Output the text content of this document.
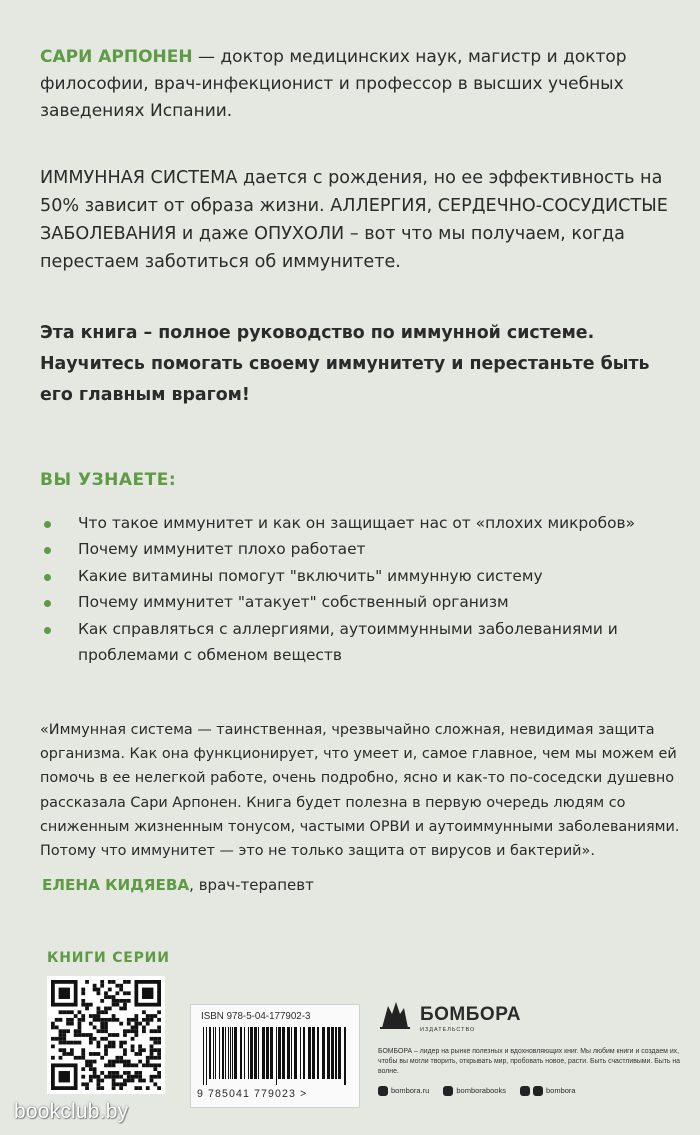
САРИ АРПОНЕН — доктор медицинских наук, магистр и доктор философии, врач-инфекционист и профессор в высших учебных заведениях Испании.

ИММУННАЯ СИСТЕМА дается с рождения, но ее эффективность на 50% зависит от образа жизни. АЛЛЕРГИЯ, СЕРДЕЧНО-СОСУДИСТЫЕ ЗАБОЛЕВАНИЯ и даже ОПУХОЛИ – вот что мы получаем, когда перестаем заботиться об иммунитете.

Эта книга – полное руководство по иммунной системе. Научитесь помогать своему иммунитету и перестаньте быть его главным врагом!

ВЫ УЗНАЕТЕ:
Что такое иммунитет и как он защищает нас от «плохих микробов»
Почему иммунитет плохо работает
Какие витамины помогут "включить" иммунную систему
Почему иммунитет "атакует" собственный организм
Как справляться с аллергиями, аутоиммунными заболеваниями и проблемами с обменом веществ

«Иммунная система — таинственная, чрезвычайно сложная, невидимая защита организма. Как она функционирует, что умеет и, самое главное, чем мы можем ей помочь в ее нелегкой работе, очень подробно, ясно и как-то по-соседски душевно рассказала Сари Арпонен. Книга будет полезна в первую очередь людям со сниженным жизненным тонусом, частыми ОРВИ и аутоиммунными заболеваниями. Потому что иммунитет — это не только защита от вирусов и бактерий».

ЕЛЕНА КИДЯЕВА, врач-терапевт
КНИГИ СЕРИИ
ISBN 978-5-04-177902-3
9 785041 779023 >
БОМБОРА
ИЗДАТЕЛЬСТВО
БОМБОРА – лидер на рынке полезных и вдохновляющих книг. Мы любим книги и создаем их, чтобы вы могли творить, открывать мир, пробовать новое, расти. Быть счастливыми. Быть на волне.
bombora.ru	bomborabooks	bombora
bookclub.by
